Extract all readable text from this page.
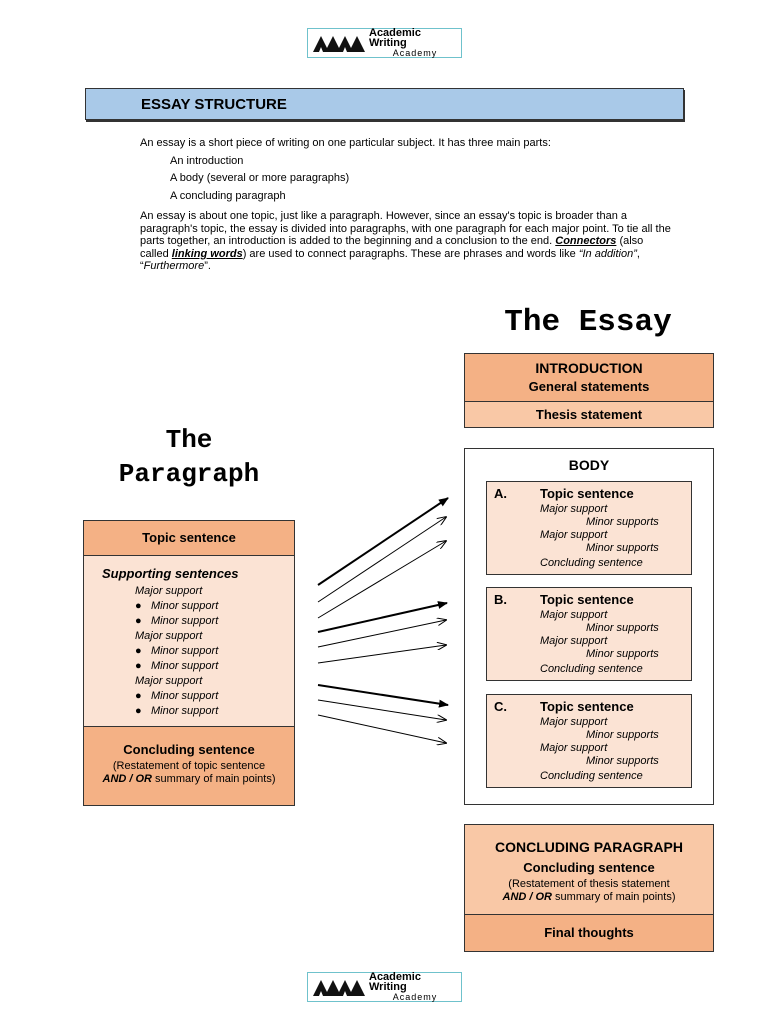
Academic Writing
Academy
ESSAY STRUCTURE
An essay is a short piece of writing on one particular subject. It has three main parts:
An introduction
A body (several or more paragraphs)
A concluding paragraph
An essay is about one topic, just like a paragraph. However, since an essay's topic is broader than a paragraph's topic, the essay is divided into paragraphs, with one paragraph for each major point. To tie all the parts together, an introduction is added to the beginning and a conclusion to the end. Connectors (also called linking words) are used to connect paragraphs. These are phrases and words like “In addition”, “Furthermore”.
The Essay
The
Paragraph
Topic sentence
Supporting sentences
Major support
● Minor support
● Minor support
Major support
● Minor support
● Minor support
Major support
● Minor support
● Minor support
Concluding sentence
(Restatement of topic sentence
AND / OR summary of main points)
INTRODUCTION
General statements
Thesis statement
BODY
A.	Topic sentence
Major support
Minor supports
Major support
Minor supports
Concluding sentence
B.	Topic sentence
Major support
Minor supports
Major support
Minor supports
Concluding sentence
C.	Topic sentence
Major support
Minor supports
Major support
Minor supports
Concluding sentence
CONCLUDING PARAGRAPH
Concluding sentence
(Restatement of thesis statement
AND / OR summary of main points)
Final thoughts
Academic Writing
Academy
